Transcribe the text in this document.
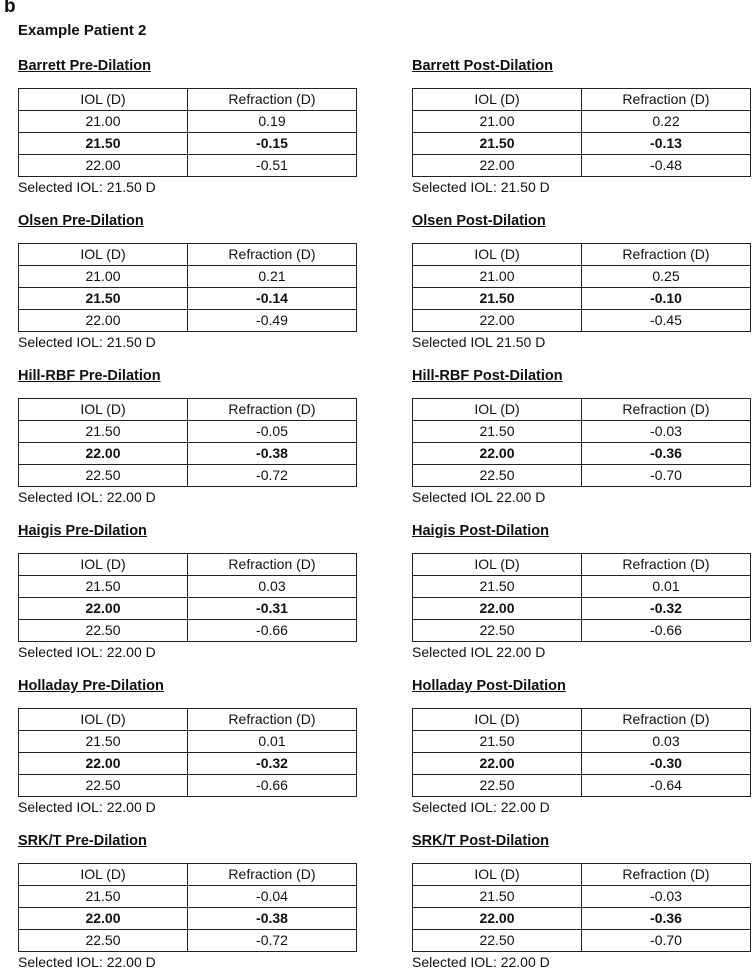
b
Example Patient 2
Barrett Pre-Dilation
IOL (D)	Refraction (D)
21.00	0.19
21.50	-0.15
22.00	-0.51
Selected IOL: 21.50 D
Barrett Post-Dilation
IOL (D)	Refraction (D)
21.00	0.22
21.50	-0.13
22.00	-0.48
Selected IOL: 21.50 D
Olsen Pre-Dilation
IOL (D)	Refraction (D)
21.00	0.21
21.50	-0.14
22.00	-0.49
Selected IOL: 21.50 D
Olsen Post-Dilation
IOL (D)	Refraction (D)
21.00	0.25
21.50	-0.10
22.00	-0.45
Selected IOL 21.50 D
Hill-RBF Pre-Dilation
IOL (D)	Refraction (D)
21.50	-0.05
22.00	-0.38
22.50	-0.72
Selected IOL: 22.00 D
Hill-RBF Post-Dilation
IOL (D)	Refraction (D)
21.50	-0.03
22.00	-0.36
22.50	-0.70
Selected IOL 22.00 D
Haigis Pre-Dilation
IOL (D)	Refraction (D)
21.50	0.03
22.00	-0.31
22.50	-0.66
Selected IOL: 22.00 D
Haigis Post-Dilation
IOL (D)	Refraction (D)
21.50	0.01
22.00	-0.32
22.50	-0.66
Selected IOL 22.00 D
Holladay Pre-Dilation
IOL (D)	Refraction (D)
21.50	0.01
22.00	-0.32
22.50	-0.66
Selected IOL: 22.00 D
Holladay Post-Dilation
IOL (D)	Refraction (D)
21.50	0.03
22.00	-0.30
22.50	-0.64
Selected IOL: 22.00 D
SRK/T Pre-Dilation
IOL (D)	Refraction (D)
21.50	-0.04
22.00	-0.38
22.50	-0.72
Selected IOL: 22.00 D
SRK/T Post-Dilation
IOL (D)	Refraction (D)
21.50	-0.03
22.00	-0.36
22.50	-0.70
Selected IOL: 22.00 D
